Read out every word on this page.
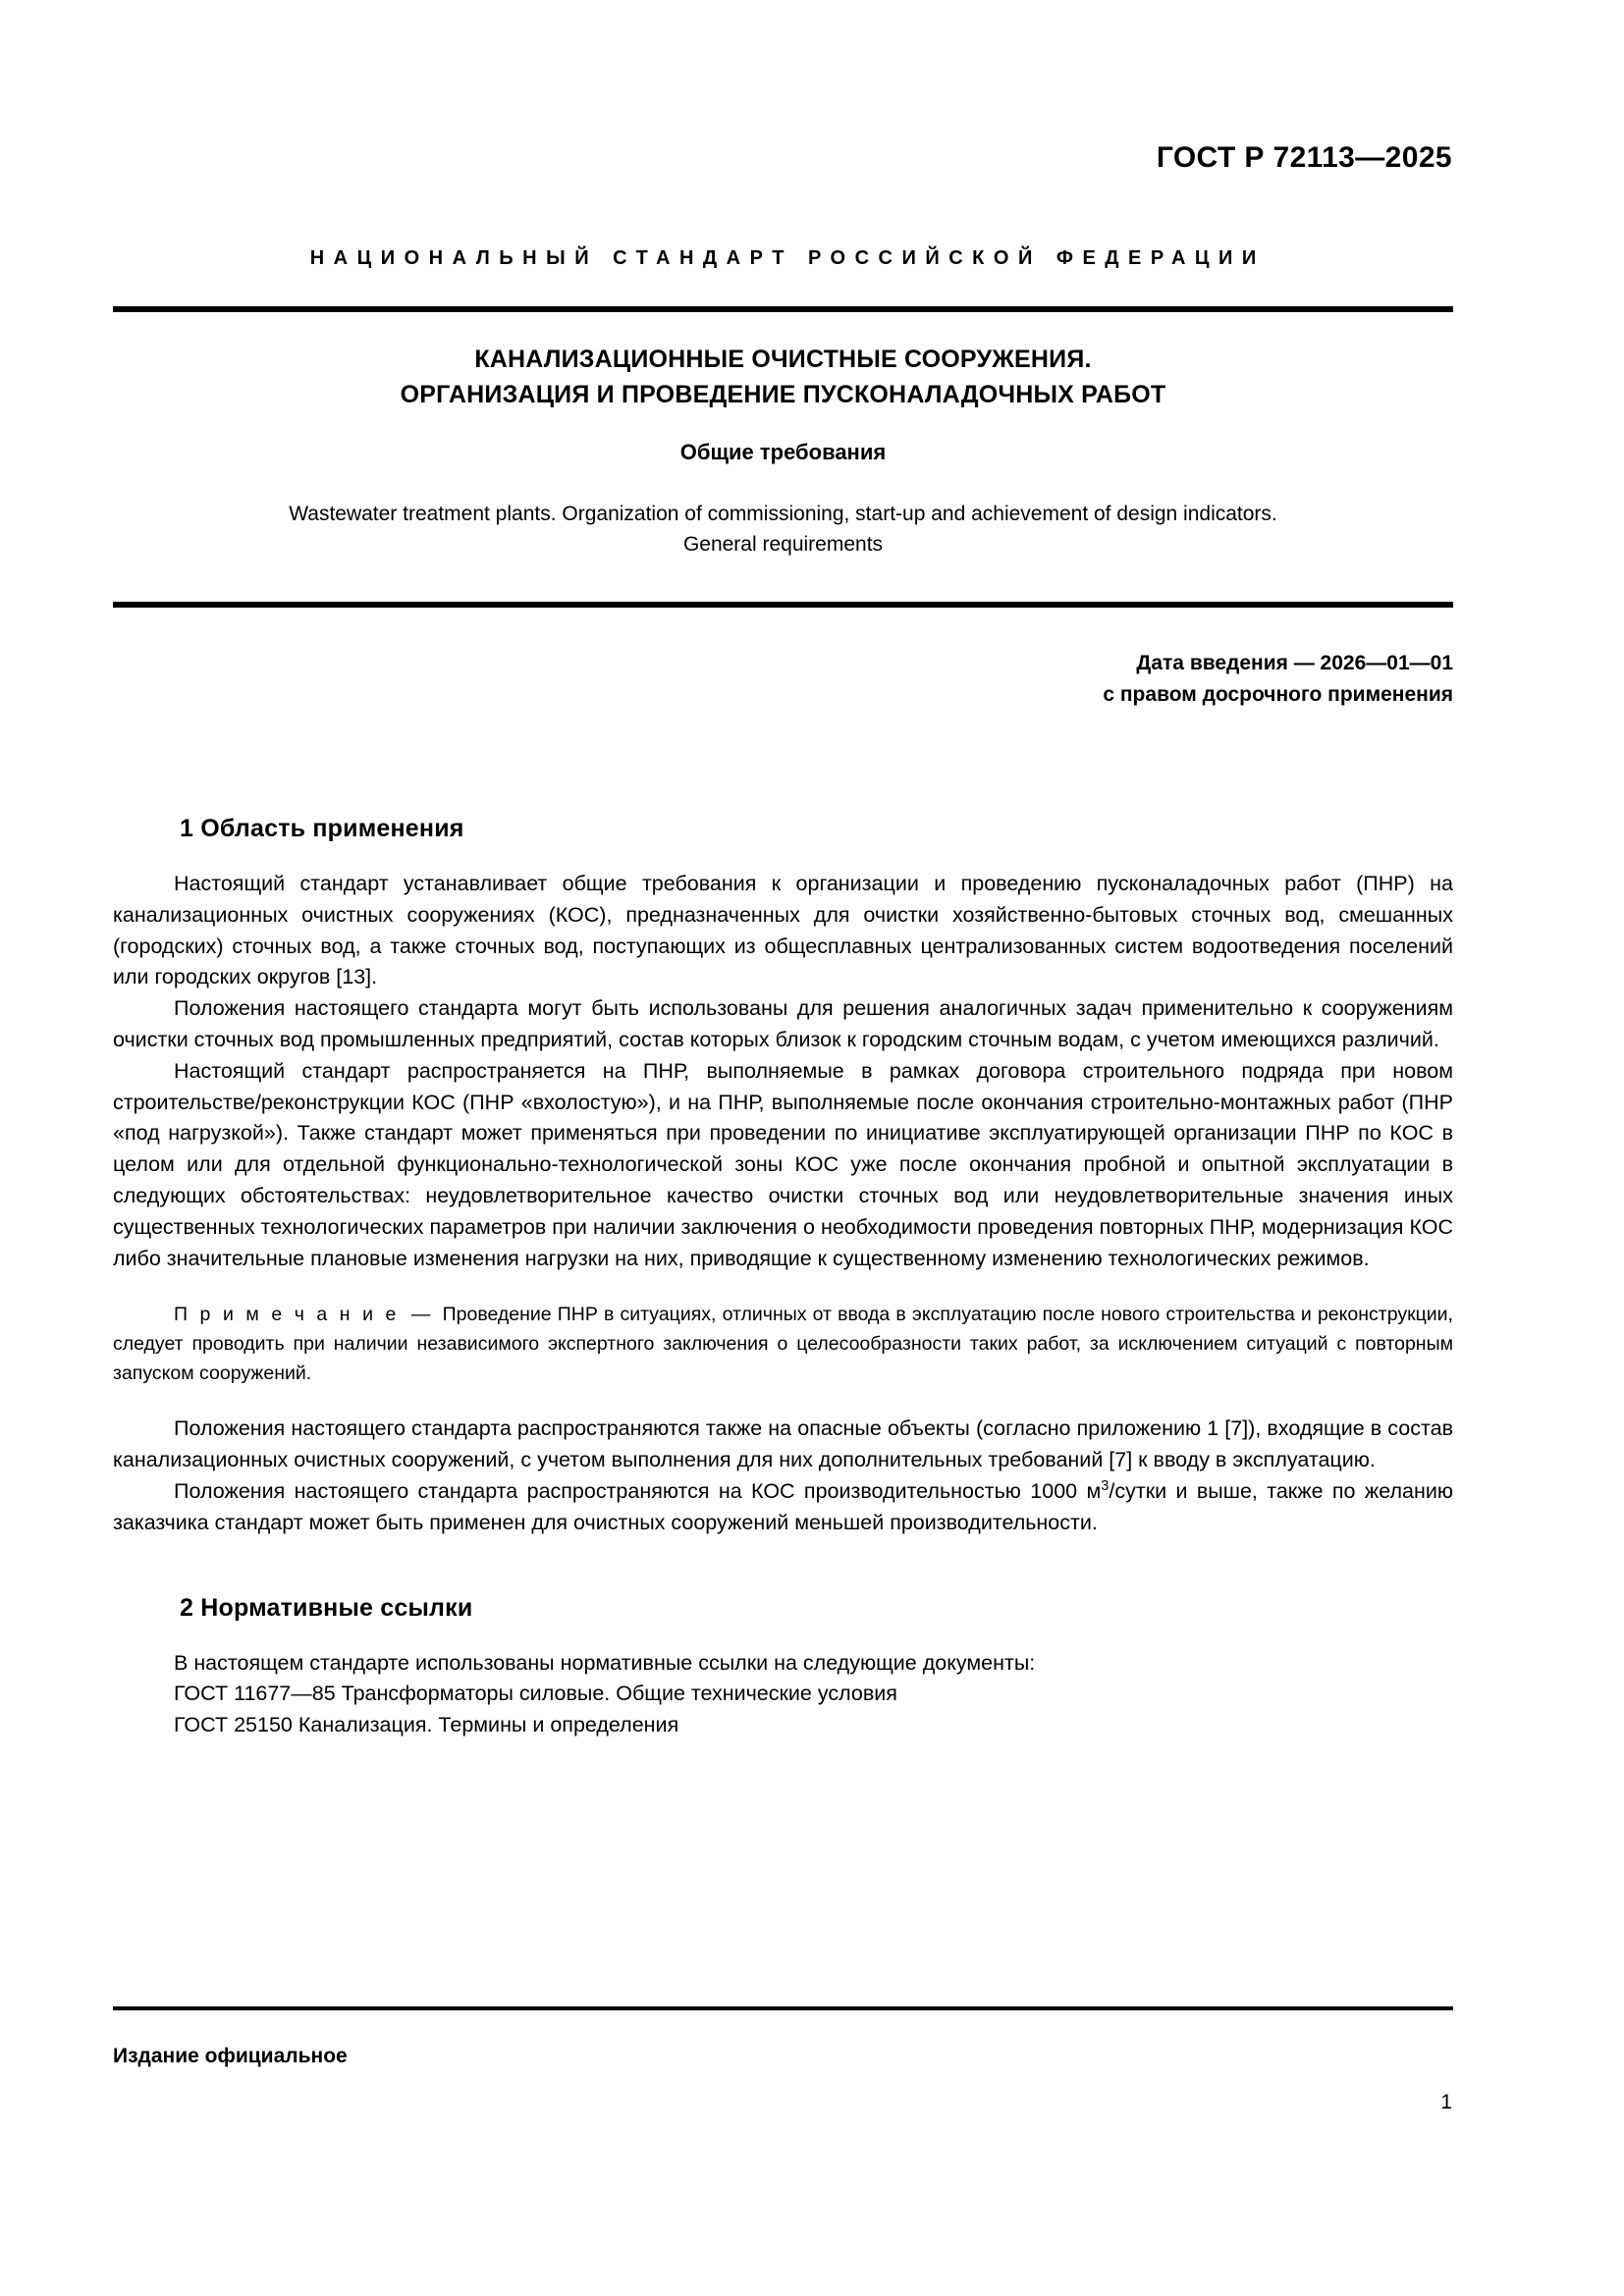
ГОСТ Р 72113—2025
НАЦИОНАЛЬНЫЙ СТАНДАРТ РОССИЙСКОЙ ФЕДЕРАЦИИ
КАНАЛИЗАЦИОННЫЕ ОЧИСТНЫЕ СООРУЖЕНИЯ.
ОРГАНИЗАЦИЯ И ПРОВЕДЕНИЕ ПУСКОНАЛАДОЧНЫХ РАБОТ
Общие требования
Wastewater treatment plants. Organization of commissioning, start-up and achievement of design indicators.
General requirements
Дата введения — 2026—01—01
с правом досрочного применения
1 Область применения

Настоящий стандарт устанавливает общие требования к организации и проведению пусконаладочных работ (ПНР) на канализационных очистных сооружениях (КОС), предназначенных для очистки хозяйственно-бытовых сточных вод, смешанных (городских) сточных вод, а также сточных вод, поступающих из общесплавных централизованных систем водоотведения поселений или городских округов [13].

Положения настоящего стандарта могут быть использованы для решения аналогичных задач применительно к сооружениям очистки сточных вод промышленных предприятий, состав которых близок к городским сточным водам, с учетом имеющихся различий.

Настоящий стандарт распространяется на ПНР, выполняемые в рамках договора строительного подряда при новом строительстве/реконструкции КОС (ПНР «вхолостую»), и на ПНР, выполняемые после окончания строительно-монтажных работ (ПНР «под нагрузкой»). Также стандарт может применяться при проведении по инициативе эксплуатирующей организации ПНР по КОС в целом или для отдельной функционально-технологической зоны КОС уже после окончания пробной и опытной эксплуатации в следующих обстоятельствах: неудовлетворительное качество очистки сточных вод или неудовлетворительные значения иных существенных технологических параметров при наличии заключения о необходимости проведения повторных ПНР, модернизация КОС либо значительные плановые изменения нагрузки на них, приводящие к существенному изменению технологических режимов.

П р и м е ч а н и е — Проведение ПНР в ситуациях, отличных от ввода в эксплуатацию после нового строительства и реконструкции, следует проводить при наличии независимого экспертного заключения о целесообразности таких работ, за исключением ситуаций с повторным запуском сооружений.

Положения настоящего стандарта распространяются также на опасные объекты (согласно приложению 1 [7]), входящие в состав канализационных очистных сооружений, с учетом выполнения для них дополнительных требований [7] к вводу в эксплуатацию.

Положения настоящего стандарта распространяются на КОС производительностью 1000 $м^3$/сутки и выше, также по желанию заказчика стандарт может быть применен для очистных сооружений меньшей производительности.

2 Нормативные ссылки

В настоящем стандарте использованы нормативные ссылки на следующие документы:

ГОСТ 11677—85 Трансформаторы силовые. Общие технические условия

ГОСТ 25150 Канализация. Термины и определения

Издание официальное
1
